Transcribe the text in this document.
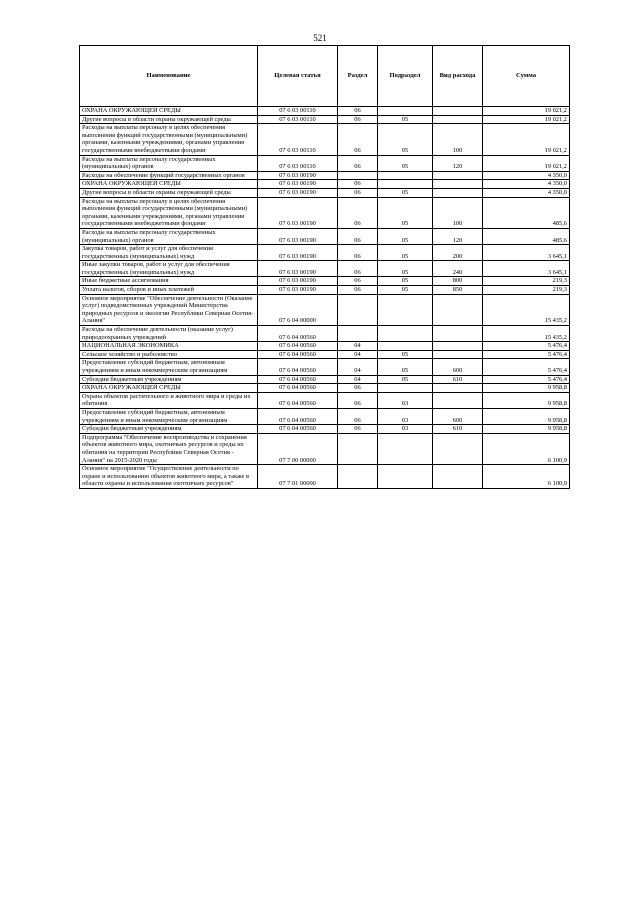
521
Наименование	Целевая статья	Раздел	Подраздел	Вид расхода	Сумма
ОХРАНА ОКРУЖАЮЩЕЙ СРЕДЫ	07 6 03 00110	06			19 021,2
Другие вопросы в области охраны окружающей среды	07 6 03 00110	06	05		19 021,2
Расходы на выплаты персоналу в целях обеспечения выполнения функций государственными (муниципальными) органами, казенными учреждениями, органами управления государственными внебюджетными фондами	07 6 03 00110	06	05	100	19 021,2
Расходы на выплаты персоналу государственных (муниципальных) органов	07 6 03 00110	06	05	120	19 021,2
Расходы на обеспечение функций государственных органов	07 6 03 00190				4 350,0
ОХРАНА ОКРУЖАЮЩЕЙ СРЕДЫ	07 6 03 00190	06			4 350,0
Другие вопросы в области охраны окружающей среды	07 6 03 00190	06	05		4 350,0
Расходы на выплаты персоналу в целях обеспечения выполнения функций государственными (муниципальными) органами, казенными учреждениями, органами управления государственными внебюджетными фондами	07 6 03 00190	06	05	100	485,6
Расходы на выплаты персоналу государственных (муниципальных) органов	07 6 03 00190	06	05	120	485,6
Закупка товаров, работ и услуг для обеспечения государственных (муниципальных) нужд	07 6 03 00190	06	05	200	3 645,1
Иные закупки товаров, работ и услуг для обеспечения государственных (муниципальных) нужд	07 6 03 00190	06	05	240	3 645,1
Иные бюджетные ассигнования	07 6 03 00190	06	05	800	219,3
Уплата налогов, сборов и иных платежей	07 6 03 00190	06	05	850	219,3
Основное мероприятие "Обеспечение деятельности (Оказание услуг) подведомственных учреждений Министерства природных ресурсов и экологии Республики Северная Осетия-Алания"	07 6 04 00000				15 435,2
Расходы на обеспечение деятельности (оказание услуг) природоохранных учреждений	07 6 04 00560				15 435,2
НАЦИОНАЛЬНАЯ ЭКОНОМИКА	07 6 04 00560	04			5 476,4
Сельское хозяйство и рыболовство	07 6 04 00560	04	05		5 476,4
Предоставление субсидий бюджетным, автономным учреждениям и иным некоммерческим организациям	07 6 04 00560	04	05	600	5 476,4
Субсидии бюджетным учреждениям	07 6 04 00560	04	05	610	5 476,4
ОХРАНА ОКРУЖАЮЩЕЙ СРЕДЫ	07 6 04 00560	06			9 958,8
Охрана объектов растительного и животного мира и среды их обитания	07 6 04 00560	06	03		9 958,8
Предоставление субсидий бюджетным, автономным учреждениям и иным некоммерческим организациям	07 6 04 00560	06	03	600	9 958,8
Субсидии бюджетным учреждениям	07 6 04 00560	06	03	610	9 958,8
Подпрограмма "Обеспечение воспроизводства и сохранения объектов животного мира, охотничьих ресурсов и среды их обитания на территории Республики Северная Осетия - Алания" на 2015-2020 годы	07 7 00 00000				6 100,9
Основное мероприятие "Осуществление деятельности по охране и использованию объектов животного мира, а также в области охраны и использования охотничьих ресурсов"	07 7 01 00000				6 100,9
